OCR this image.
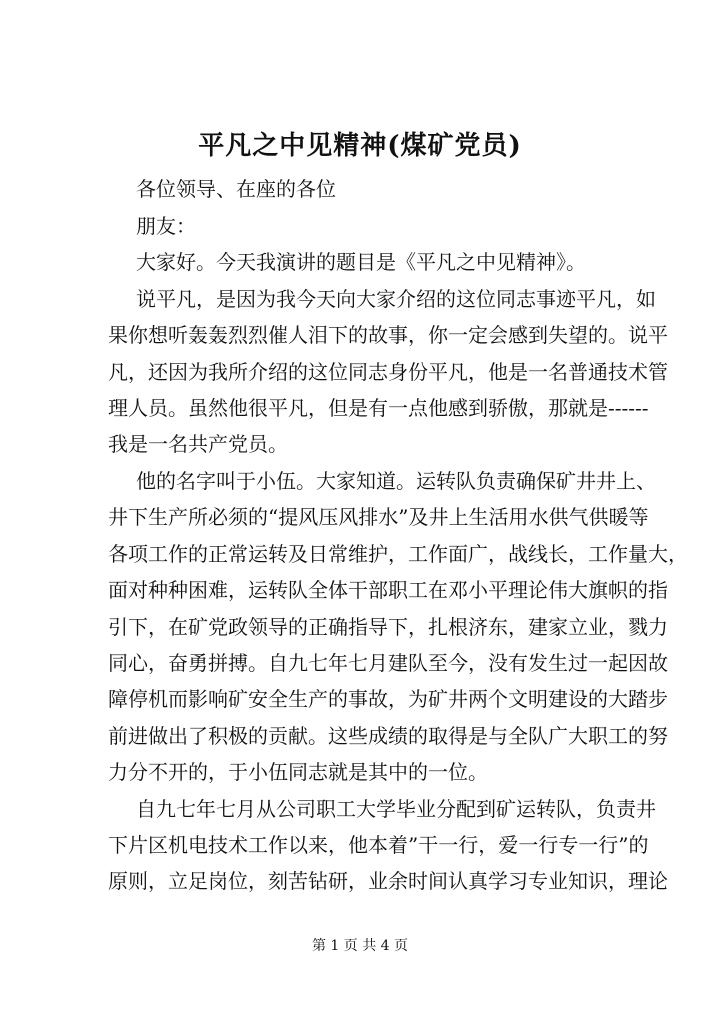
平凡之中见精神(煤矿党员)
各位领导、在座的各位
朋友：
大家好。今天我演讲的题目是《平凡之中见精神》。
说平凡，是因为我今天向大家介绍的这位同志事迹平凡，如
果你想听轰轰烈烈催人泪下的故事，你一定会感到失望的。说平
凡，还因为我所介绍的这位同志身份平凡，他是一名普通技术管
理人员。虽然他很平凡，但是有一点他感到骄傲，那就是------
我是一名共产党员。
他的名字叫于小伍。大家知道。运转队负责确保矿井井上、
井下生产所必须的“提风压风排水”及井上生活用水供气供暖等
各项工作的正常运转及日常维护，工作面广，战线长，工作量大，
面对种种困难，运转队全体干部职工在邓小平理论伟大旗帜的指
引下，在矿党政领导的正确指导下，扎根济东，建家立业，戮力
同心，奋勇拼搏。自九七年七月建队至今，没有发生过一起因故
障停机而影响矿安全生产的事故，为矿井两个文明建设的大踏步
前进做出了积极的贡献。这些成绩的取得是与全队广大职工的努
力分不开的，于小伍同志就是其中的一位。
自九七年七月从公司职工大学毕业分配到矿运转队，负责井
下片区机电技术工作以来，他本着”干一行，爱一行专一行”的
原则，立足岗位，刻苦钻研，业余时间认真学习专业知识，理论
第 1 页 共 4 页
